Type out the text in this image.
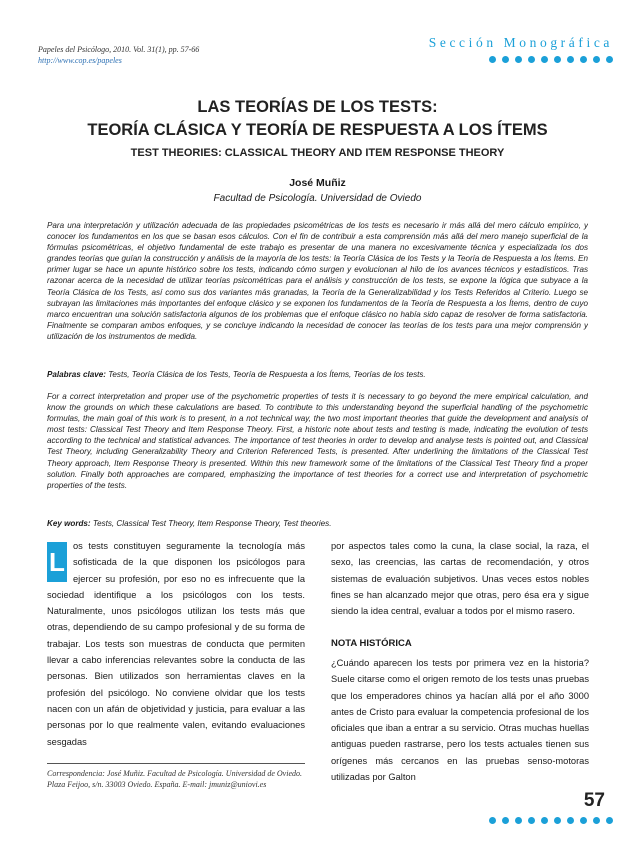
Papeles del Psicólogo, 2010. Vol. 31(1), pp. 57-66
http://www.cop.es/papeles
Sección Monográfica
LAS TEORÍAS DE LOS TESTS:
TEORÍA CLÁSICA Y TEORÍA DE RESPUESTA A LOS ÍTEMS
TEST THEORIES: CLASSICAL THEORY AND ITEM RESPONSE THEORY
José Muñiz
Facultad de Psicología. Universidad de Oviedo

Para una interpretación y utilización adecuada de las propiedades psicométricas de los tests es necesario ir más allá del mero cálculo empírico, y conocer los fundamentos en los que se basan esos cálculos. Con el fin de contribuir a esta comprensión más allá del mero manejo superficial de la fórmulas psicométricas, el objetivo fundamental de este trabajo es presentar de una manera no excesivamente técnica y especializada los dos grandes teorías que guían la construcción y análisis de la mayoría de los tests: la Teoría Clásica de los Tests y la Teoría de Respuesta a los Ítems. En primer lugar se hace un apunte histórico sobre los tests, indicando cómo surgen y evolucionan al hilo de los avances técnicos y estadísticos. Tras razonar acerca de la necesidad de utilizar teorías psicométricas para el análisis y construcción de los tests, se expone la lógica que subyace a la Teoría Clásica de los Tests, así como sus dos variantes más granadas, la Teoría de la Generalizabilidad y los Tests Referidos al Criterio. Luego se subrayan las limitaciones más importantes del enfoque clásico y se exponen los fundamentos de la Teoría de Respuesta a los Ítems, dentro de cuyo marco encuentran una solución satisfactoria algunos de los problemas que el enfoque clásico no había sido capaz de resolver de forma satisfactoria. Finalmente se comparan ambos enfoques, y se concluye indicando la necesidad de conocer las teorías de los tests para una mejor comprensión y utilización de los instrumentos de medida.

Palabras clave: Tests, Teoría Clásica de los Tests, Teoría de Respuesta a los Ítems, Teorías de los tests.

For a correct interpretation and proper use of the psychometric properties of tests it is necessary to go beyond the mere empirical calculation, and know the grounds on which these calculations are based. To contribute to this understanding beyond the superficial handling of the psychometric formulas, the main goal of this work is to present, in a not technical way, the two most important theories that guide the development and analysis of most tests: Classical Test Theory and Item Response Theory. First, a historic note about tests and testing is made, indicating the evolution of tests according to the technical and statistical advances. The importance of test theories in order to develop and analyse tests is pointed out, and Classical Test Theory, including Generalizability Theory and Criterion Referenced Tests, is presented. After underlining the limitations of the Classical Test Theory approach, Item Response Theory is presented. Within this new framework some of the limitations of the Classical Test Theory find a proper solution. Finally both approaches are compared, emphasizing the importance of test theories for a correct use and interpretation of psychometric properties of the tests.

Key words: Tests, Classical Test Theory, Item Response Theory, Test theories.
L
os tests constituyen seguramente la tecnología más sofisticada de la que disponen los psicólogos para ejercer su profesión, por eso no es infrecuente que la sociedad identifique a los psicólogos con los tests. Naturalmente, unos psicólogos utilizan los tests más que otras, dependiendo de su campo profesional y de su forma de trabajar. Los tests son muestras de conducta que permiten llevar a cabo inferencias relevantes sobre la conducta de las personas. Bien utilizados son herramientas claves en la profesión del psicólogo. No conviene olvidar que los tests nacen con un afán de objetividad y justicia, para evaluar a las personas por lo que realmente valen, evitando evaluaciones sesgadas
por aspectos tales como la cuna, la clase social, la raza, el sexo, las creencias, las cartas de recomendación, y otros sistemas de evaluación subjetivos. Unas veces estos nobles fines se han alcanzado mejor que otras, pero ésa era y sigue siendo la idea central, evaluar a todos por el mismo rasero.
NOTA HISTÓRICA
¿Cuándo aparecen los tests por primera vez en la historia? Suele citarse como el origen remoto de los tests unas pruebas que los emperadores chinos ya hacían allá por el año 3000 antes de Cristo para evaluar la competencia profesional de los oficiales que iban a entrar a su servicio. Otras muchas huellas antiguas pueden rastrarse, pero los tests actuales tienen sus orígenes más cercanos en las pruebas senso-motoras utilizadas por Galton
Correspondencia: José Muñiz. Facultad de Psicología. Universidad de Oviedo. Plaza Feijoo, s/n. 33003 Oviedo. España. E-mail: jmuniz@uniovi.es
57
